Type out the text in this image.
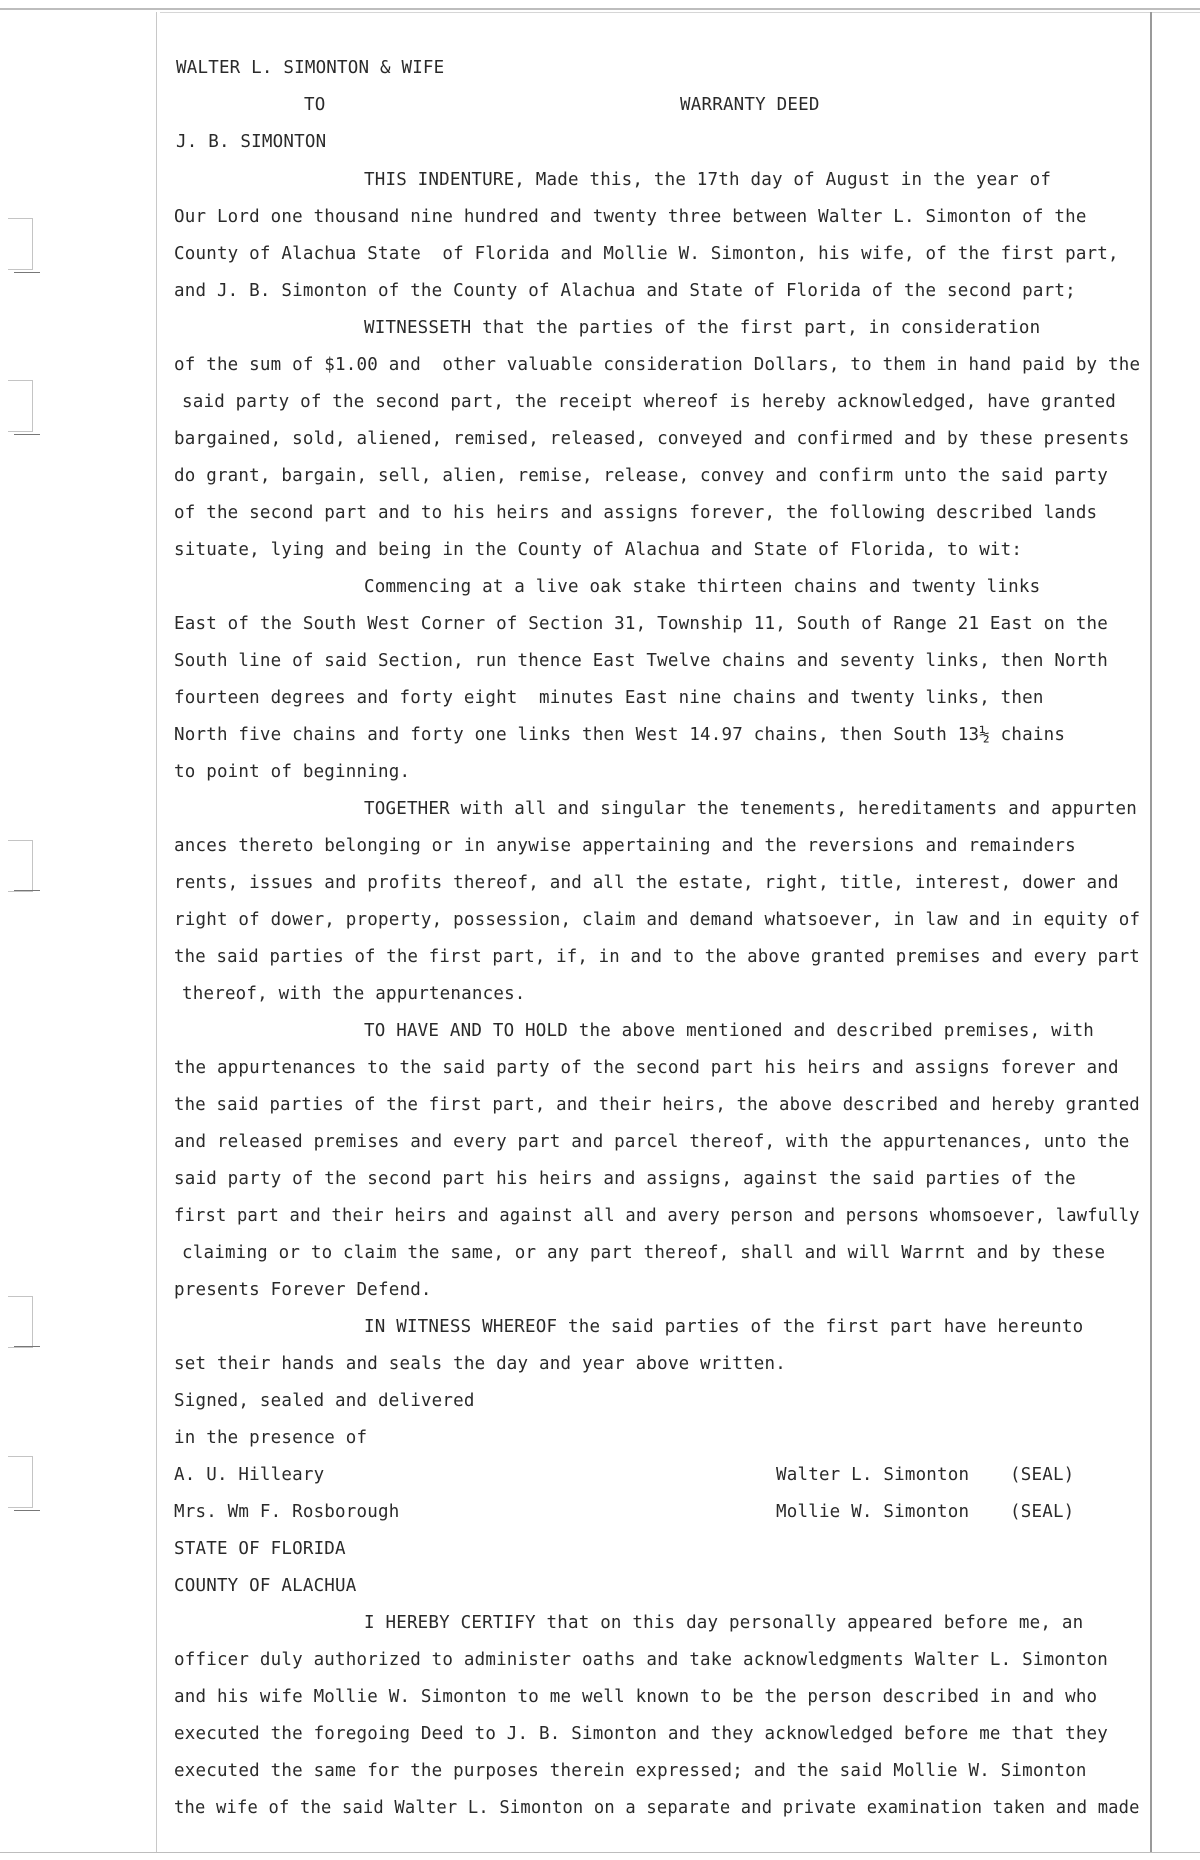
WALTER L. SIMONTON & WIFE

TO	WARRANTY DEED

J. B. SIMONTON

THIS INDENTURE, Made this, the 17th day of August in the year of

Our Lord one thousand nine hundred and twenty three between Walter L. Simonton of the

County of Alachua State  of Florida and Mollie W. Simonton, his wife, of the first part,

and J. B. Simonton of the County of Alachua and State of Florida of the second part;

WITNESSETH that the parties of the first part, in consideration

of the sum of $1.00 and  other valuable consideration Dollars, to them in hand paid by the

said party of the second part, the receipt whereof is hereby acknowledged, have granted

bargained, sold, aliened, remised, released, conveyed and confirmed and by these presents

do grant, bargain, sell, alien, remise, release, convey and confirm unto the said party

of the second part and to his heirs and assigns forever, the following described lands

situate, lying and being in the County of Alachua and State of Florida, to wit:

Commencing at a live oak stake thirteen chains and twenty links

East of the South West Corner of Section 31, Township 11, South of Range 21 East on the

South line of said Section, run thence East Twelve chains and seventy links, then North

fourteen degrees and forty eight  minutes East nine chains and twenty links, then

North five chains and forty one links then West 14.97 chains, then South 13½ chains

to point of beginning.

TOGETHER with all and singular the tenements, hereditaments and appurten

ances thereto belonging or in anywise appertaining and the reversions and remainders

rents, issues and profits thereof, and all the estate, right, title, interest, dower and

right of dower, property, possession, claim and demand whatsoever, in law and in equity of

the said parties of the first part, if, in and to the above granted premises and every part

thereof, with the appurtenances.

TO HAVE AND TO HOLD the above mentioned and described premises, with

the appurtenances to the said party of the second part his heirs and assigns forever and

the said parties of the first part, and their heirs, the above described and hereby granted

and released premises and every part and parcel thereof, with the appurtenances, unto the

said party of the second part his heirs and assigns, against the said parties of the

first part and their heirs and against all and avery person and persons whomsoever, lawfully

claiming or to claim the same, or any part thereof, shall and will Warrnt and by these

presents Forever Defend.

IN WITNESS WHEREOF the said parties of the first part have hereunto

set their hands and seals the day and year above written.

Signed, sealed and delivered

in the presence of

A. U. Hilleary	Walter L. Simonton (SEAL)

Mrs. Wm F. Rosborough	Mollie W. Simonton (SEAL)

STATE OF FLORIDA

COUNTY OF ALACHUA

I HEREBY CERTIFY that on this day personally appeared before me, an

officer duly authorized to administer oaths and take acknowledgments Walter L. Simonton

and his wife Mollie W. Simonton to me well known to be the person described in and who

executed the foregoing Deed to J. B. Simonton and they acknowledged before me that they

executed the same for the purposes therein expressed; and the said Mollie W. Simonton

the wife of the said Walter L. Simonton on a separate and private examination taken and made
